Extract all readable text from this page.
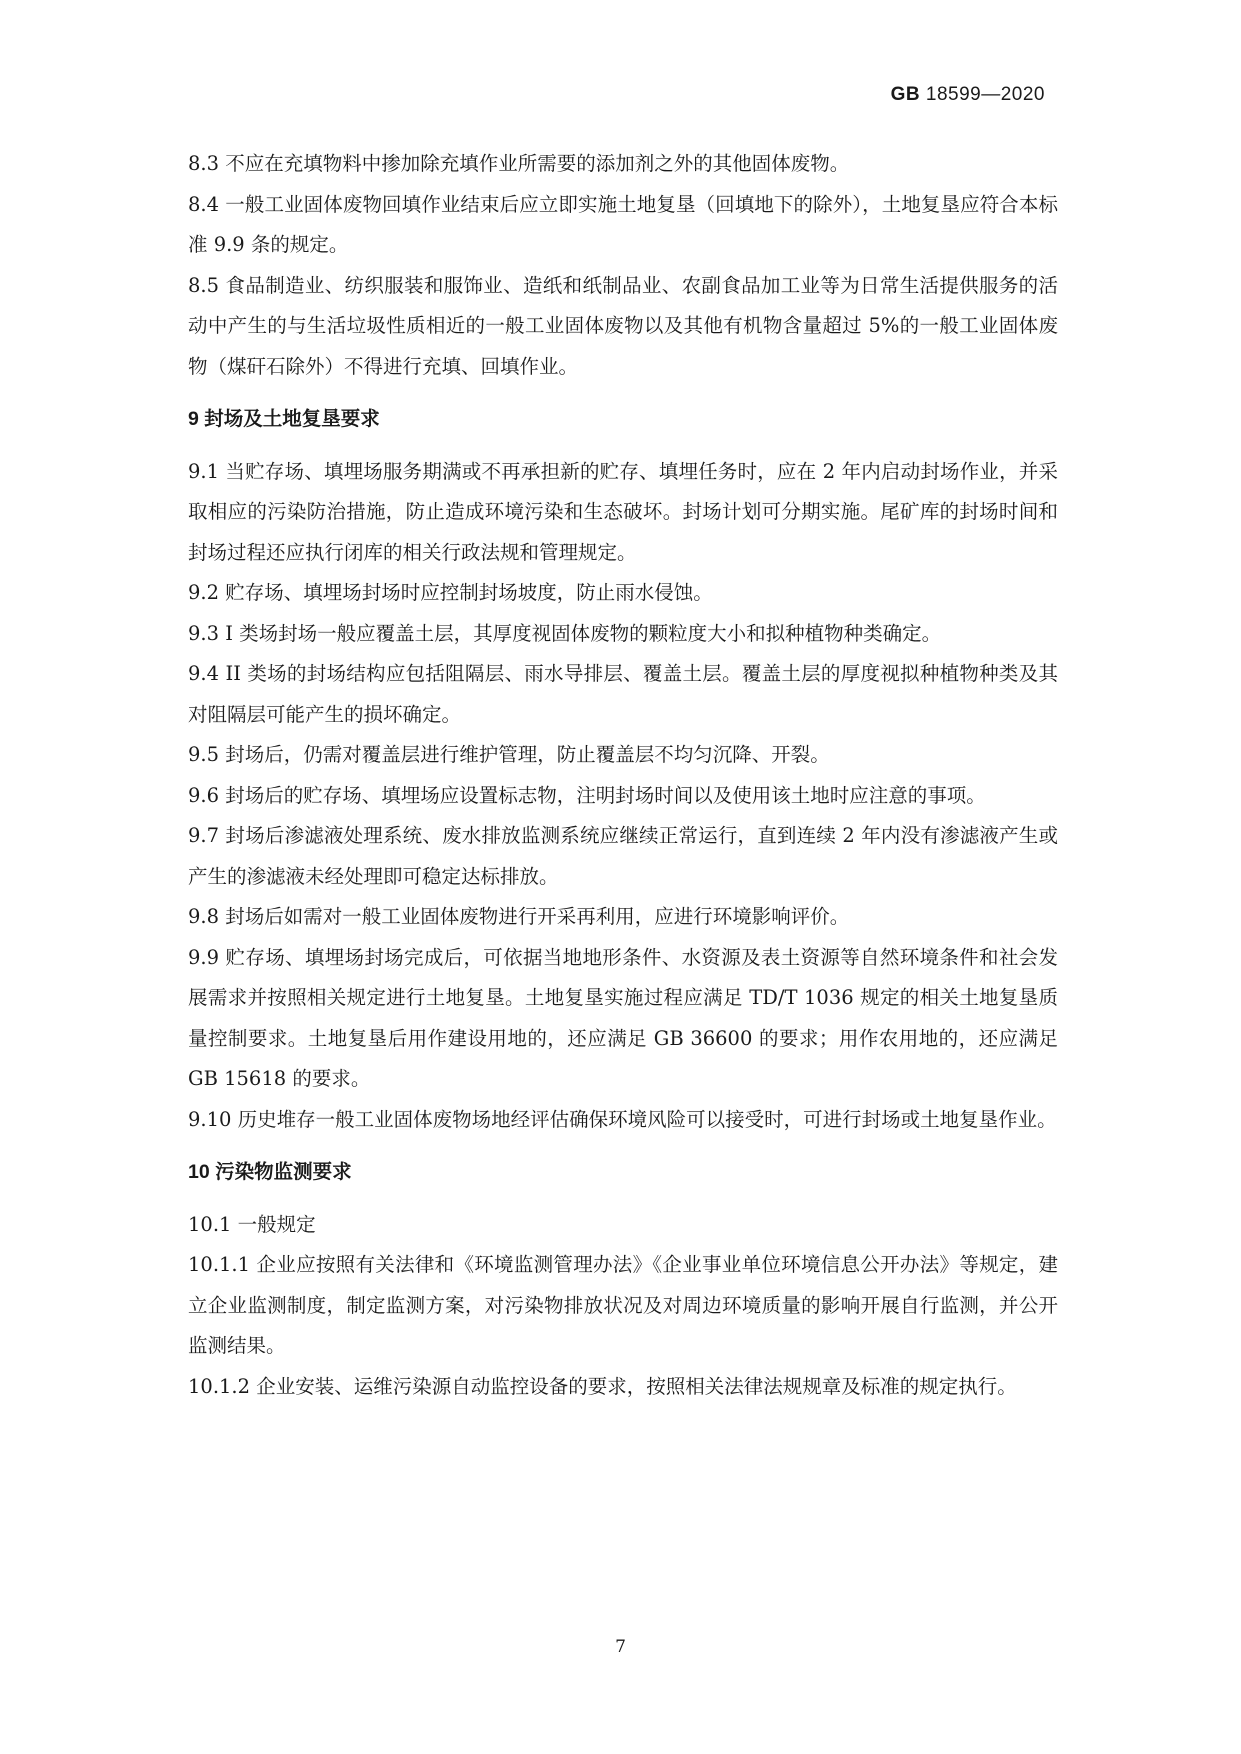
GB 18599—2020

8.3 不应在充填物料中掺加除充填作业所需要的添加剂之外的其他固体废物。

8.4 一般工业固体废物回填作业结束后应立即实施土地复垦（回填地下的除外），土地复垦应符合本标准 9.9 条的规定。

8.5 食品制造业、纺织服装和服饰业、造纸和纸制品业、农副食品加工业等为日常生活提供服务的活动中产生的与生活垃圾性质相近的一般工业固体废物以及其他有机物含量超过 5%的一般工业固体废物（煤矸石除外）不得进行充填、回填作业。

9 封场及土地复垦要求

9.1 当贮存场、填埋场服务期满或不再承担新的贮存、填埋任务时，应在 2 年内启动封场作业，并采取相应的污染防治措施，防止造成环境污染和生态破坏。封场计划可分期实施。尾矿库的封场时间和封场过程还应执行闭库的相关行政法规和管理规定。

9.2 贮存场、填埋场封场时应控制封场坡度，防止雨水侵蚀。

9.3 I 类场封场一般应覆盖土层，其厚度视固体废物的颗粒度大小和拟种植物种类确定。

9.4 II 类场的封场结构应包括阻隔层、雨水导排层、覆盖土层。覆盖土层的厚度视拟种植物种类及其对阻隔层可能产生的损坏确定。

9.5 封场后，仍需对覆盖层进行维护管理，防止覆盖层不均匀沉降、开裂。

9.6 封场后的贮存场、填埋场应设置标志物，注明封场时间以及使用该土地时应注意的事项。

9.7 封场后渗滤液处理系统、废水排放监测系统应继续正常运行，直到连续 2 年内没有渗滤液产生或产生的渗滤液未经处理即可稳定达标排放。

9.8 封场后如需对一般工业固体废物进行开采再利用，应进行环境影响评价。

9.9 贮存场、填埋场封场完成后，可依据当地地形条件、水资源及表土资源等自然环境条件和社会发展需求并按照相关规定进行土地复垦。土地复垦实施过程应满足 TD/T 1036 规定的相关土地复垦质量控制要求。土地复垦后用作建设用地的，还应满足 GB 36600 的要求；用作农用地的，还应满足 GB 15618 的要求。

9.10 历史堆存一般工业固体废物场地经评估确保环境风险可以接受时，可进行封场或土地复垦作业。

10 污染物监测要求

10.1 一般规定

10.1.1 企业应按照有关法律和《环境监测管理办法》《企业事业单位环境信息公开办法》等规定，建立企业监测制度，制定监测方案，对污染物排放状况及对周边环境质量的影响开展自行监测，并公开监测结果。

10.1.2 企业安装、运维污染源自动监控设备的要求，按照相关法律法规规章及标准的规定执行。

7
